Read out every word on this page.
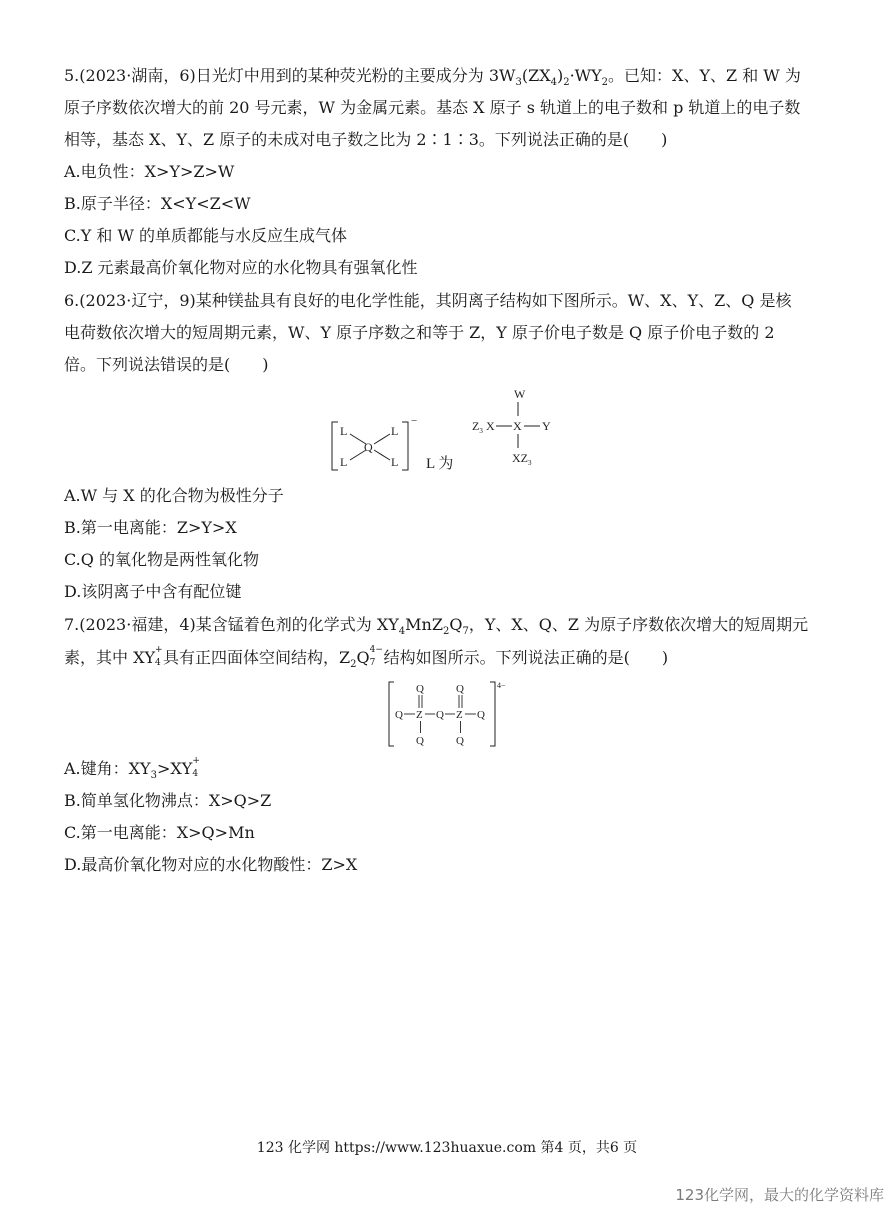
5.(2023·湖南，6)日光灯中用到的某种荧光粉的主要成分为 $3W_3(ZX_4)_2\cdot WY_2$。已知：X、Y、Z 和 W 为
原子序数依次增大的前 20 号元素，W 为金属元素。基态 X 原子 s 轨道上的电子数和 p 轨道上的电子数
相等，基态 X、Y、Z 原子的未成对电子数之比为 2∶1∶3。下列说法正确的是(　　)
A.电负性：X>Y>Z>W
B.原子半径：X<Y<Z<W
C.Y 和 W 的单质都能与水反应生成气体
D.Z 元素最高价氧化物对应的水化物具有强氧化性
6.(2023·辽宁，9)某种镁盐具有良好的电化学性能，其阴离子结构如下图所示。W、X、Y、Z、Q 是核
电荷数依次增大的短周期元素，W、Y 原子序数之和等于 Z，Y 原子价电子数是 Q 原子价电子数的 2
倍。下列说法错误的是(　　)
−
L	L
Q
L	L L 为
W
$Z_3$ X X Y
$XZ_3$
A.W 与 X 的化合物为极性分子
B.第一电离能：Z>Y>X
C.Q 的氧化物是两性氧化物
D.该阴离子中含有配位键
7.(2023·福建，4)某含锰着色剂的化学式为 $XY_4MnZ_2Q_7$，Y、X、Q、Z 为原子序数依次增大的短周期元
素，其中 XY +
4 具有正四面体空间结构，$Z_2Q$ 4−
7 结构如图所示。下列说法正确的是(　　)
4−
Q	Q
Q Z Q Z Q
Q	Q
A.键角：$XY_3>XY$ +
4
B.简单氢化物沸点：X>Q>Z
C.第一电离能：X>Q>Mn
D.最高价氧化物对应的水化物酸性：Z>X
123 化学网 https://www.123huaxue.com 第4 页，共6 页
123化学网，最大的化学资料库
